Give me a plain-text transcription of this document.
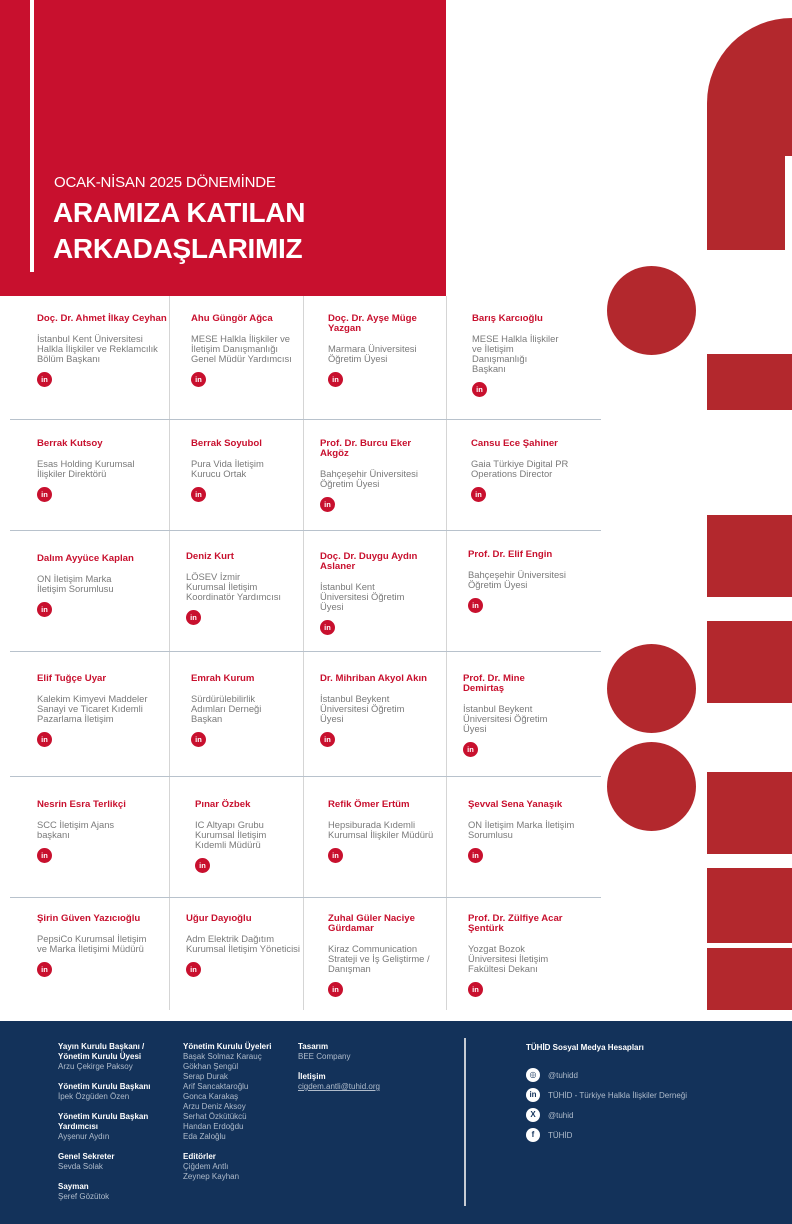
OCAK-NİSAN 2025 DÖNEMİNDE
ARAMIZA KATILAN
ARKADAŞLARIMIZ
Doç. Dr. Ahmet İlkay Ceyhan
İstanbul Kent Üniversitesi Halkla İlişkiler ve Reklamcılık Bölüm Başkanı
in
Ahu Güngör Ağca
MESE Halkla İlişkiler ve İletişim Danışmanlığı Genel Müdür Yardımcısı
in
Doç. Dr. Ayşe Müge Yazgan
Marmara Üniversitesi Öğretim Üyesi
in
Barış Karcıoğlu
MESE Halkla İlişkiler ve İletişim Danışmanlığı Başkanı
in
Berrak Kutsoy
Esas Holding Kurumsal İlişkiler Direktörü
in
Berrak Soyubol
Pura Vida İletişim Kurucu Ortak
in
Prof. Dr. Burcu Eker Akgöz
Bahçeşehir Üniversitesi Öğretim Üyesi
in
Cansu Ece Şahiner
Gaia Türkiye Digital PR Operations Director
in
Dalım Ayyüce Kaplan
ON İletişim Marka İletişim Sorumlusu
in
Deniz Kurt
LÖSEV İzmir Kurumsal İletişim Koordinatör Yardımcısı
in
Doç. Dr. Duygu Aydın Aslaner
İstanbul Kent Üniversitesi Öğretim Üyesi
in
Prof. Dr. Elif Engin
Bahçeşehir Üniversitesi Öğretim Üyesi
in
Elif Tuğçe Uyar
Kalekim Kimyevi Maddeler Sanayi ve Ticaret Kıdemli Pazarlama İletişim
in
Emrah Kurum
Sürdürülebilirlik Adımları Derneği Başkan
in
Dr. Mihriban Akyol Akın
İstanbul Beykent Üniversitesi Öğretim Üyesi
in
Prof. Dr. Mine Demirtaş
İstanbul Beykent Üniversitesi Öğretim Üyesi
in
Nesrin Esra Terlikçi
SCC İletişim Ajans başkanı
in
Pınar Özbek
IC Altyapı Grubu Kurumsal İletişim Kıdemli Müdürü
in
Refik Ömer Ertüm
Hepsiburada Kıdemli Kurumsal İlişkiler Müdürü
in
Şevval Sena Yanaşık
ON İletişim Marka İletişim Sorumlusu
in
Şirin Güven Yazıcıoğlu
PepsiCo Kurumsal İletişim ve Marka İletişimi Müdürü
in
Uğur Dayıoğlu
Adm Elektrik Dağıtım Kurumsal İletişim Yöneticisi
in
Zuhal Güler Naciye Gürdamar
Kiraz Communication Strateji ve İş Geliştirme / Danışman
in
Prof. Dr. Zülfiye Acar Şentürk
Yozgat Bozok Üniversitesi İletişim Fakültesi Dekanı
in
Yayın Kurulu Başkanı / Yönetim Kurulu Üyesi
Arzu Çekirge Paksoy
Yönetim Kurulu Başkanı
İpek Özgüden Özen
Yönetim Kurulu Başkan Yardımcısı
Ayşenur Aydın
Genel Sekreter
Sevda Solak
Sayman
Şeref Gözütok
Yönetim Kurulu Üyeleri
Başak Solmaz Karauç
Gökhan Şengül
Serap Durak
Arif Sancaktaroğlu
Gonca Karakaş
Arzu Deniz Aksoy
Serhat Özkütükcü
Handan Erdoğdu
Eda Zaloğlu
Editörler
Çiğdem Antlı
Zeynep Kayhan
Tasarım
BEE Company
İletişim
cigdem.antli@tuhid.org
TÜHİD Sosyal Medya Hesapları
◎	@tuhidd
in	TÜHİD - Türkiye Halkla İlişkiler Derneği
X	@tuhid
f	TÜHİD
